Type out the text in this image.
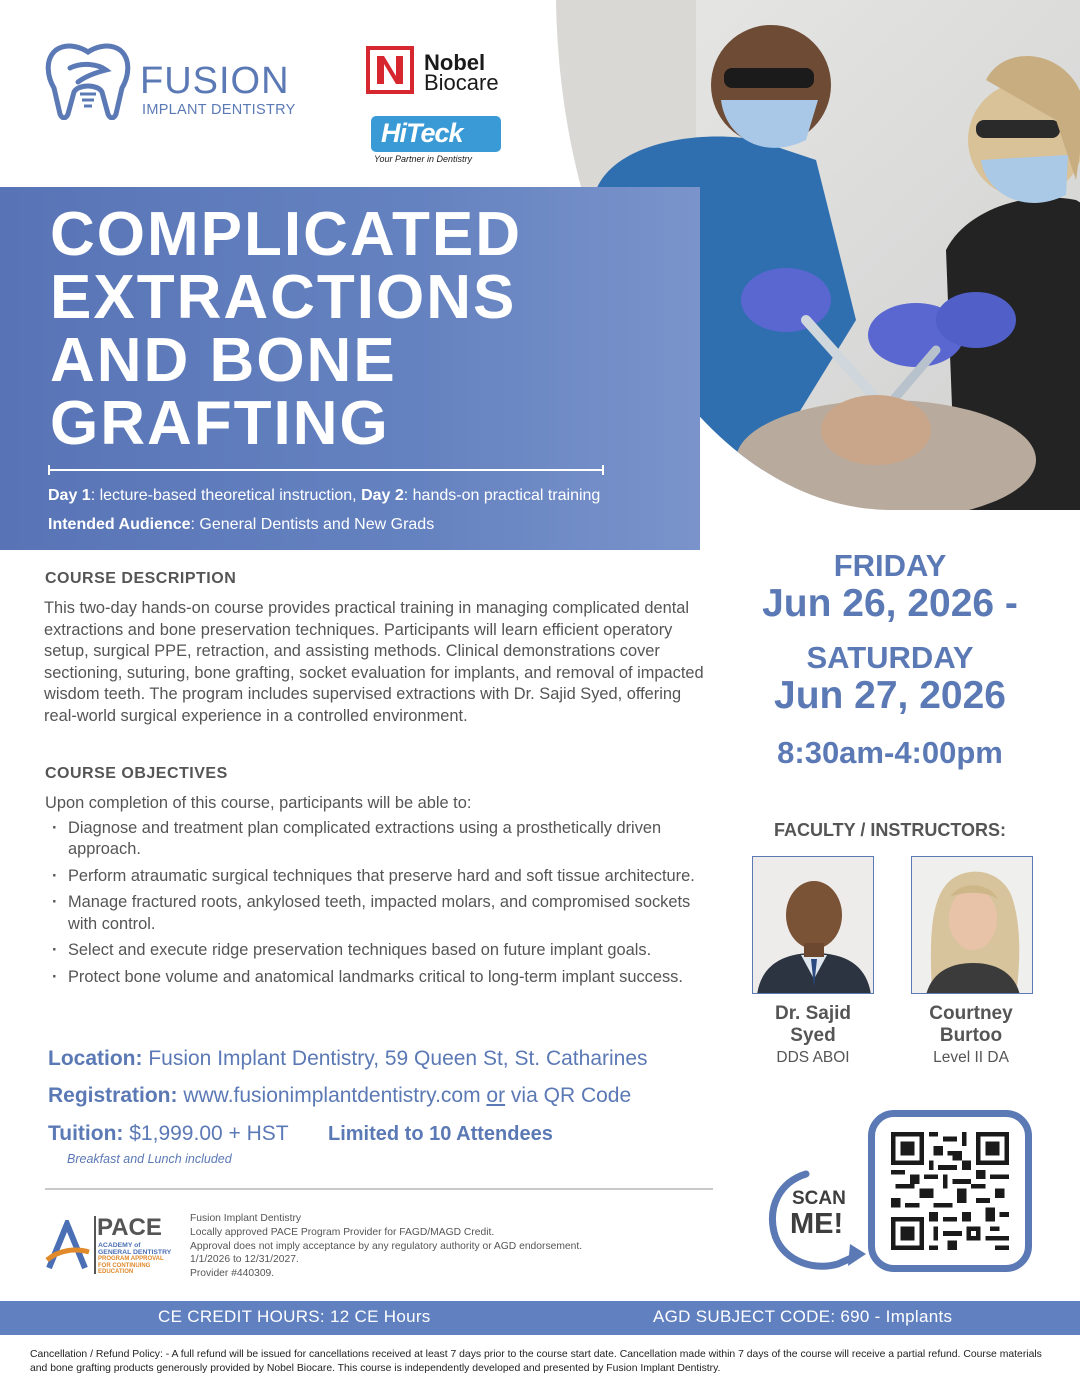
FUSION
IMPLANT DENTISTRY
Nobel
Biocare
HiTeck
Your Partner in Dentistry
COMPLICATED
EXTRACTIONS
AND BONE
GRAFTING
Day 1: lecture-based theoretical instruction, Day 2: hands-on practical training
Intended Audience: General Dentists and New Grads
COURSE DESCRIPTION

This two-day hands-on course provides practical training in managing complicated dental extractions and bone preservation techniques. Participants will learn efficient operatory setup, surgical PPE, retraction, and assisting methods. Clinical demonstrations cover sectioning, suturing, bone grafting, socket evaluation for implants, and removal of impacted wisdom teeth. The program includes supervised extractions with Dr. Sajid Syed, offering real-world surgical experience in a controlled environment.

COURSE OBJECTIVES
Upon completion of this course, participants will be able to:
· Diagnose and treatment plan complicated extractions using a prosthetically driven approach.
· Perform atraumatic surgical techniques that preserve hard and soft tissue architecture.
· Manage fractured roots, ankylosed teeth, impacted molars, and compromised sockets with control.
· Select and execute ridge preservation techniques based on future implant goals.
· Protect bone volume and anatomical landmarks critical to long-term implant success.
Location: Fusion Implant Dentistry, 59 Queen St, St. Catharines
Registration: www.fusionimplantdentistry.com or via QR Code
Tuition: $1,999.00 + HST Limited to 10 Attendees
Breakfast and Lunch included
PACE
ACADEMY of
GENERAL DENTISTRY
PROGRAM APPROVAL
FOR CONTINUING
EDUCATION
Fusion Implant Dentistry
Locally approved PACE Program Provider for FAGD/MAGD Credit.
Approval does not imply acceptance by any regulatory authority or AGD endorsement.
1/1/2026 to 12/31/2027.
Provider #440309.
FRIDAY
Jun 26, 2026 -
SATURDAY
Jun 27, 2026
8:30am-4:00pm
FACULTY / INSTRUCTORS:
Dr. Sajid
Syed
DDS ABOI
Courtney
Burtoo
Level II DA
SCAN
ME!
CE CREDIT HOURS: 12 CE Hours	AGD SUBJECT CODE: 690 - Implants

Cancellation / Refund Policy: - A full refund will be issued for cancellations received at least 7 days prior to the course start date. Cancellation made within 7 days of the course will receive a partial refund. Course materials and bone grafting products generously provided by Nobel Biocare. This course is independently developed and presented by Fusion Implant Dentistry.
